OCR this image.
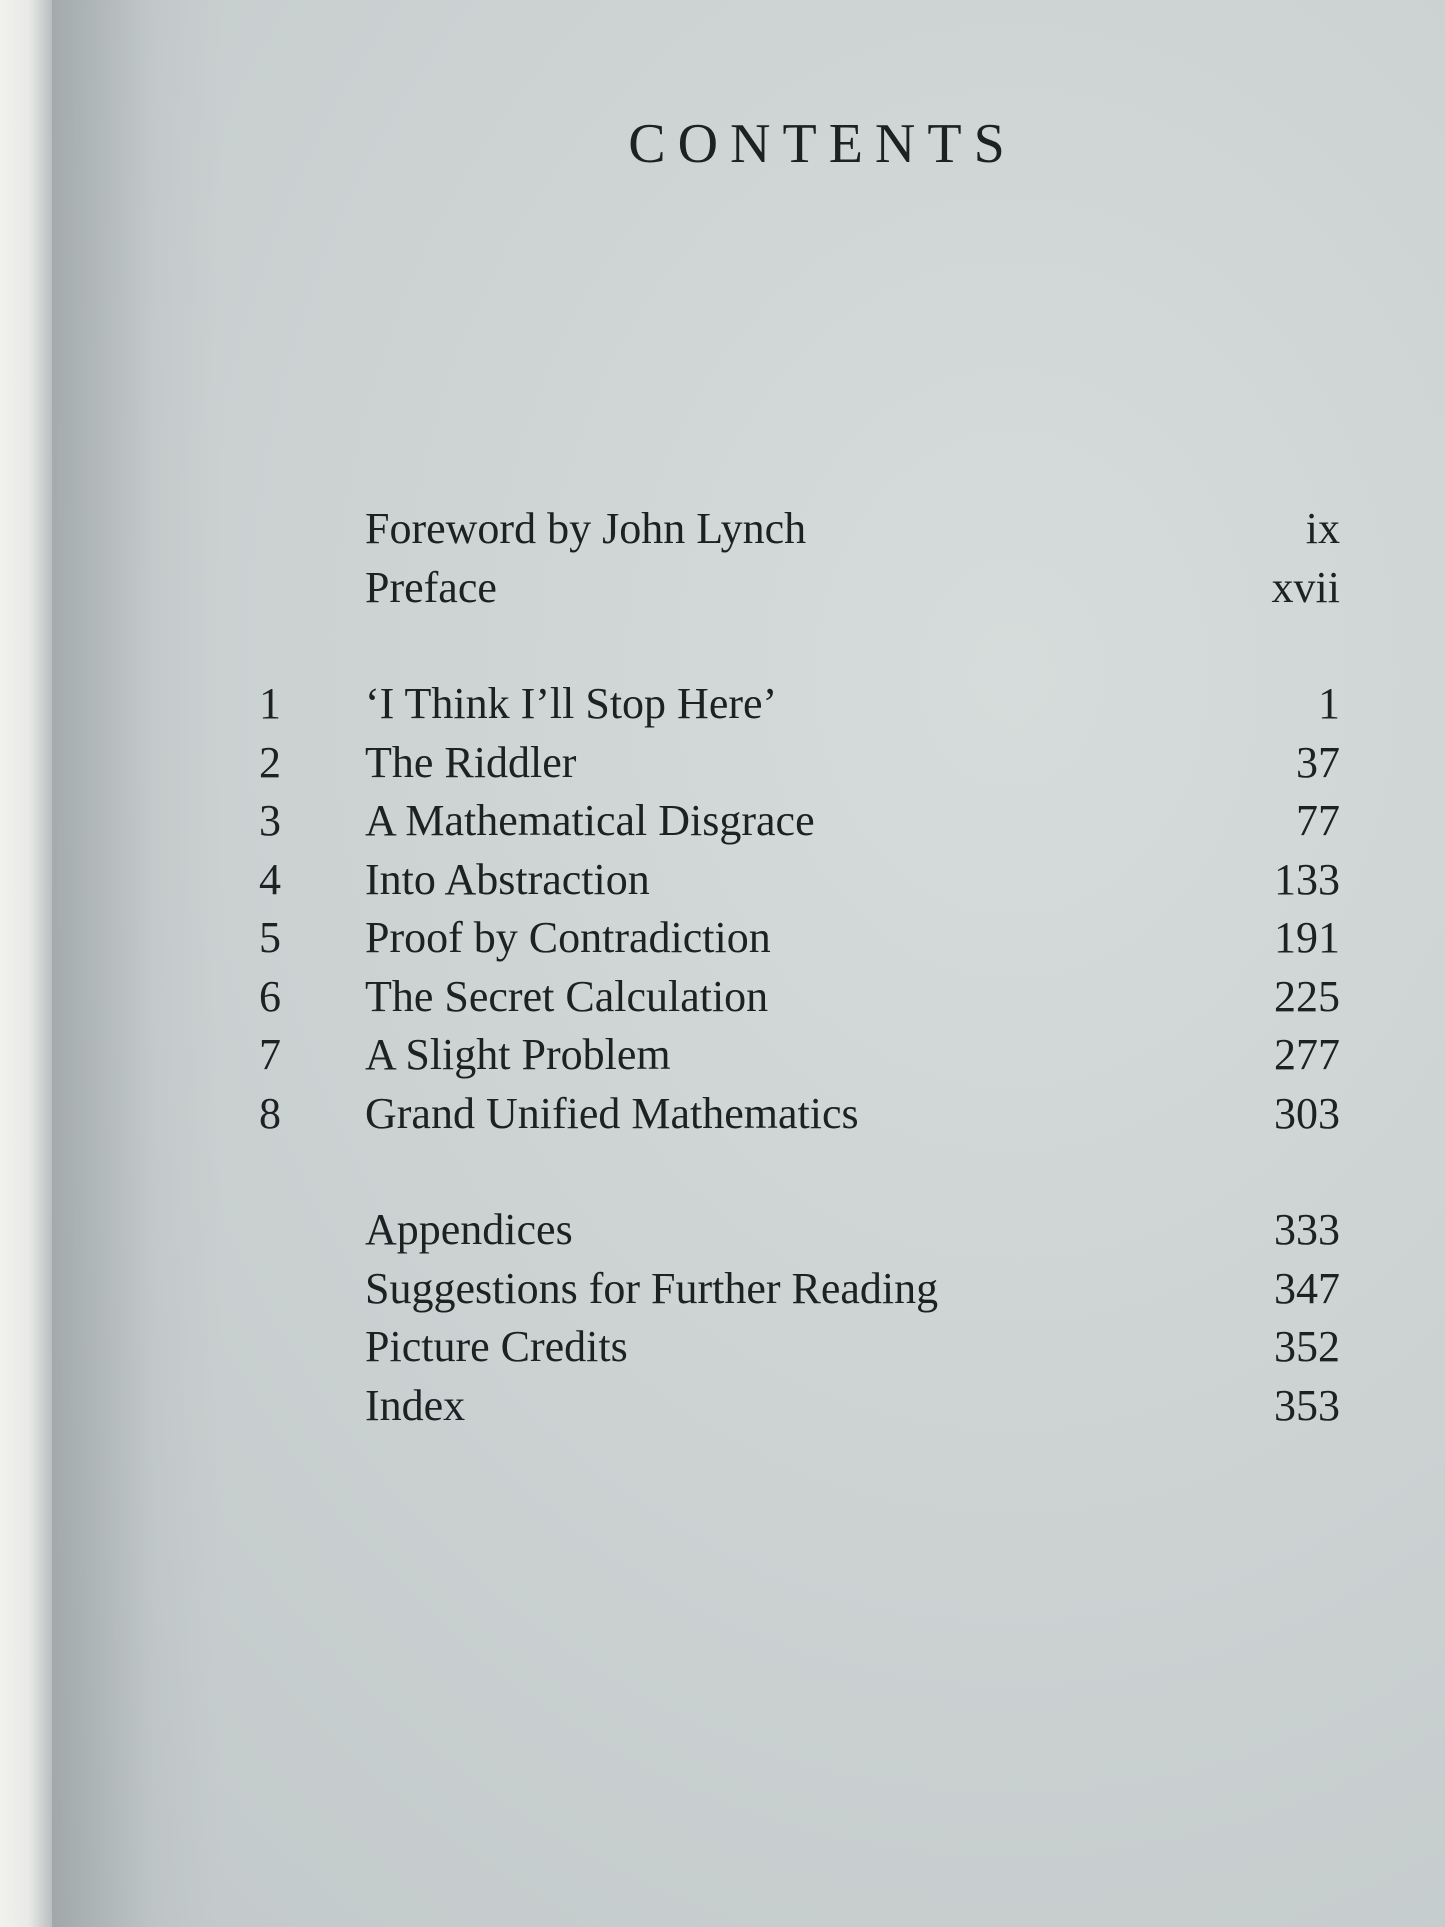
CONTENTS
Foreword by John Lynch	ix
Preface	xvii
1 ‘I Think I’ll Stop Here’	1
2 The Riddler	37
3 A Mathematical Disgrace	77
4 Into Abstraction	133
5 Proof by Contradiction	191
6 The Secret Calculation	225
7 A Slight Problem	277
8 Grand Unified Mathematics	303
Appendices	333
Suggestions for Further Reading	347
Picture Credits	352
Index	353
